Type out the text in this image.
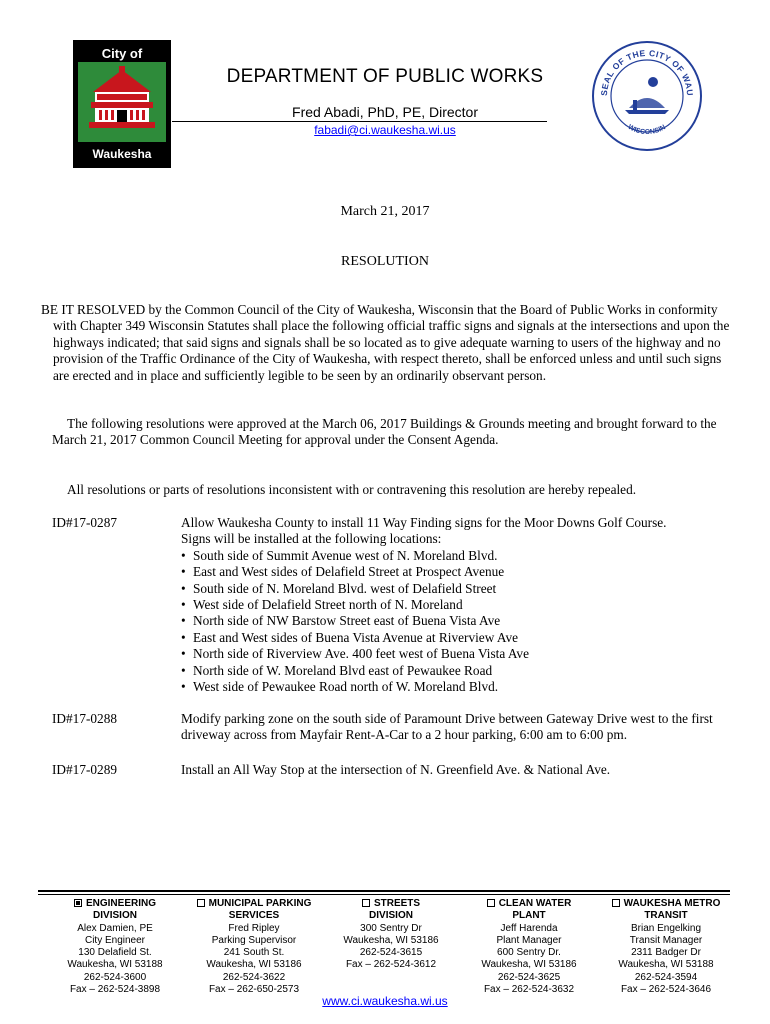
City of
Waukesha
SEAL OF THE CITY OF WAU
WISCONSIN
DEPARTMENT OF PUBLIC WORKS
Fred Abadi, PhD, PE, Director
fabadi@ci.waukesha.wi.us
March 21, 2017
RESOLUTION
BE IT RESOLVED by the Common Council of the City of Waukesha, Wisconsin that the Board of Public Works in conformity with Chapter 349 Wisconsin Statutes shall place the following official traffic signs and signals at the intersections and upon the highways indicated; that said signs and signals shall be so located as to give adequate warning to users of the highway and no provision of the Traffic Ordinance of the City of Waukesha, with respect thereto, shall be enforced unless and until such signs are erected and in place and sufficiently legible to be seen by an ordinarily observant person.
The following resolutions were approved at the March 06, 2017 Buildings & Grounds meeting and brought forward to the March 21, 2017 Common Council Meeting for approval under the Consent Agenda.
All resolutions or parts of resolutions inconsistent with or contravening this resolution are hereby repealed.
ID#17-0287	Allow Waukesha County to install 11 Way Finding signs for the Moor Downs Golf Course.
Signs will be installed at the following locations:
• South side of Summit Avenue west of N. Moreland Blvd.
• East and West sides of Delafield Street at Prospect Avenue
• South side of N. Moreland Blvd. west of Delafield Street
• West side of Delafield Street north of N. Moreland
• North side of NW Barstow Street east of Buena Vista Ave
• East and West sides of Buena Vista Avenue at Riverview Ave
• North side of Riverview Ave. 400 feet west of Buena Vista Ave
• North side of W. Moreland Blvd east of Pewaukee Road
• West side of Pewaukee Road north of W. Moreland Blvd.
ID#17-0288	Modify parking zone on the south side of Paramount Drive between Gateway Drive west to the first driveway across from Mayfair Rent-A-Car to a 2 hour parking, 6:00 am to 6:00 pm.
ID#17-0289	Install an All Way Stop at the intersection of N. Greenfield Ave. & National Ave.
ENGINEERING
DIVISION
Alex Damien, PE
City Engineer
130 Delafield St.
Waukesha, WI 53188
262-524-3600
Fax – 262-524-3898
MUNICIPAL PARKING
SERVICES
Fred Ripley
Parking Supervisor
241 South St.
Waukesha, WI 53186
262-524-3622
Fax – 262-650-2573
STREETS
DIVISION
300 Sentry Dr
Waukesha, WI 53186
262-524-3615
Fax – 262-524-3612
CLEAN WATER
PLANT
Jeff Harenda
Plant Manager
600 Sentry Dr.
Waukesha, WI 53186
262-524-3625
Fax – 262-524-3632
WAUKESHA METRO
TRANSIT
Brian Engelking
Transit Manager
2311 Badger Dr
Waukesha, WI 53188
262-524-3594
Fax – 262-524-3646
www.ci.waukesha.wi.us
